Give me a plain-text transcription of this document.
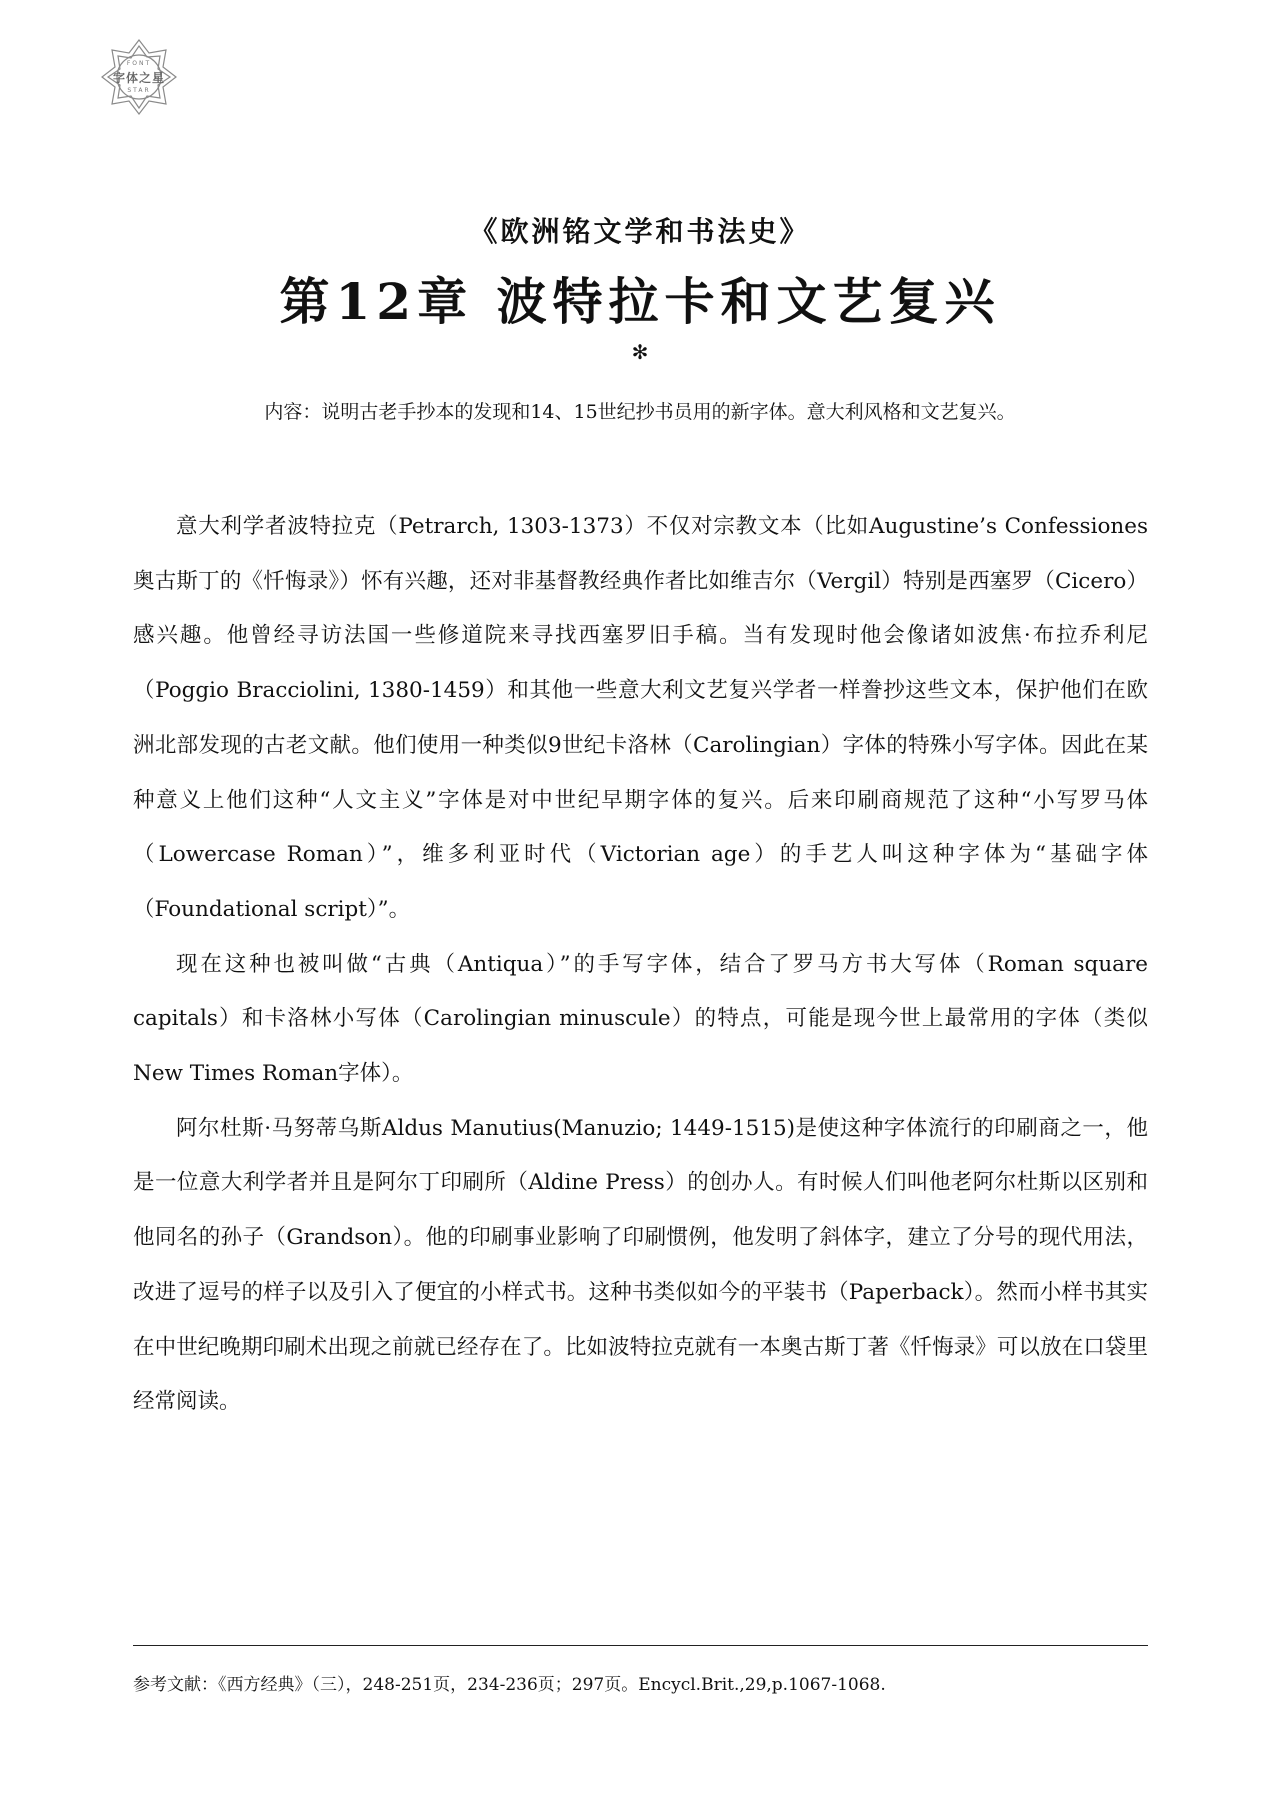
FONT
字体之星
STAR
《欧洲铭文学和书法史》
第12章 波特拉卡和文艺复兴
✻
内容：说明古老手抄本的发现和14、15世纪抄书员用的新字体。意大利风格和文艺复兴。

意大利学者波特拉克（Petrarch, 1303-1373）不仅对宗教文本（比如Augustine’s Confessiones奥古斯丁的《忏悔录》）怀有兴趣，还对非基督教经典作者比如维吉尔（Vergil）特别是西塞罗（Cicero）感兴趣。他曾经寻访法国一些修道院来寻找西塞罗旧手稿。当有发现时他会像诸如波焦·布拉乔利尼（Poggio Bracciolini, 1380-1459）和其他一些意大利文艺复兴学者一样誊抄这些文本，保护他们在欧洲北部发现的古老文献。他们使用一种类似9世纪卡洛林（Carolingian）字体的特殊小写字体。因此在某种意义上他们这种“人文主义”字体是对中世纪早期字体的复兴。后来印刷商规范了这种“小写罗马体（Lowercase Roman）”，维多利亚时代（Victorian age）的手艺人叫这种字体为“基础字体（Foundational script）”。

现在这种也被叫做“古典（Antiqua）”的手写字体，结合了罗马方书大写体（Roman square capitals）和卡洛林小写体（Carolingian minuscule）的特点，可能是现今世上最常用的字体（类似New Times Roman字体）。

阿尔杜斯·马努蒂乌斯Aldus Manutius(Manuzio; 1449-1515)是使这种字体流行的印刷商之一，他是一位意大利学者并且是阿尔丁印刷所（Aldine Press）的创办人。有时候人们叫他老阿尔杜斯以区别和他同名的孙子（Grandson）。他的印刷事业影响了印刷惯例，他发明了斜体字，建立了分号的现代用法，改进了逗号的样子以及引入了便宜的小样式书。这种书类似如今的平装书（Paperback）。然而小样书其实在中世纪晚期印刷术出现之前就已经存在了。比如波特拉克就有一本奥古斯丁著《忏悔录》可以放在口袋里经常阅读。

参考文献：《西方经典》（三），248-251页，234-236页；297页。Encycl.Brit.,29,p.1067-1068.
